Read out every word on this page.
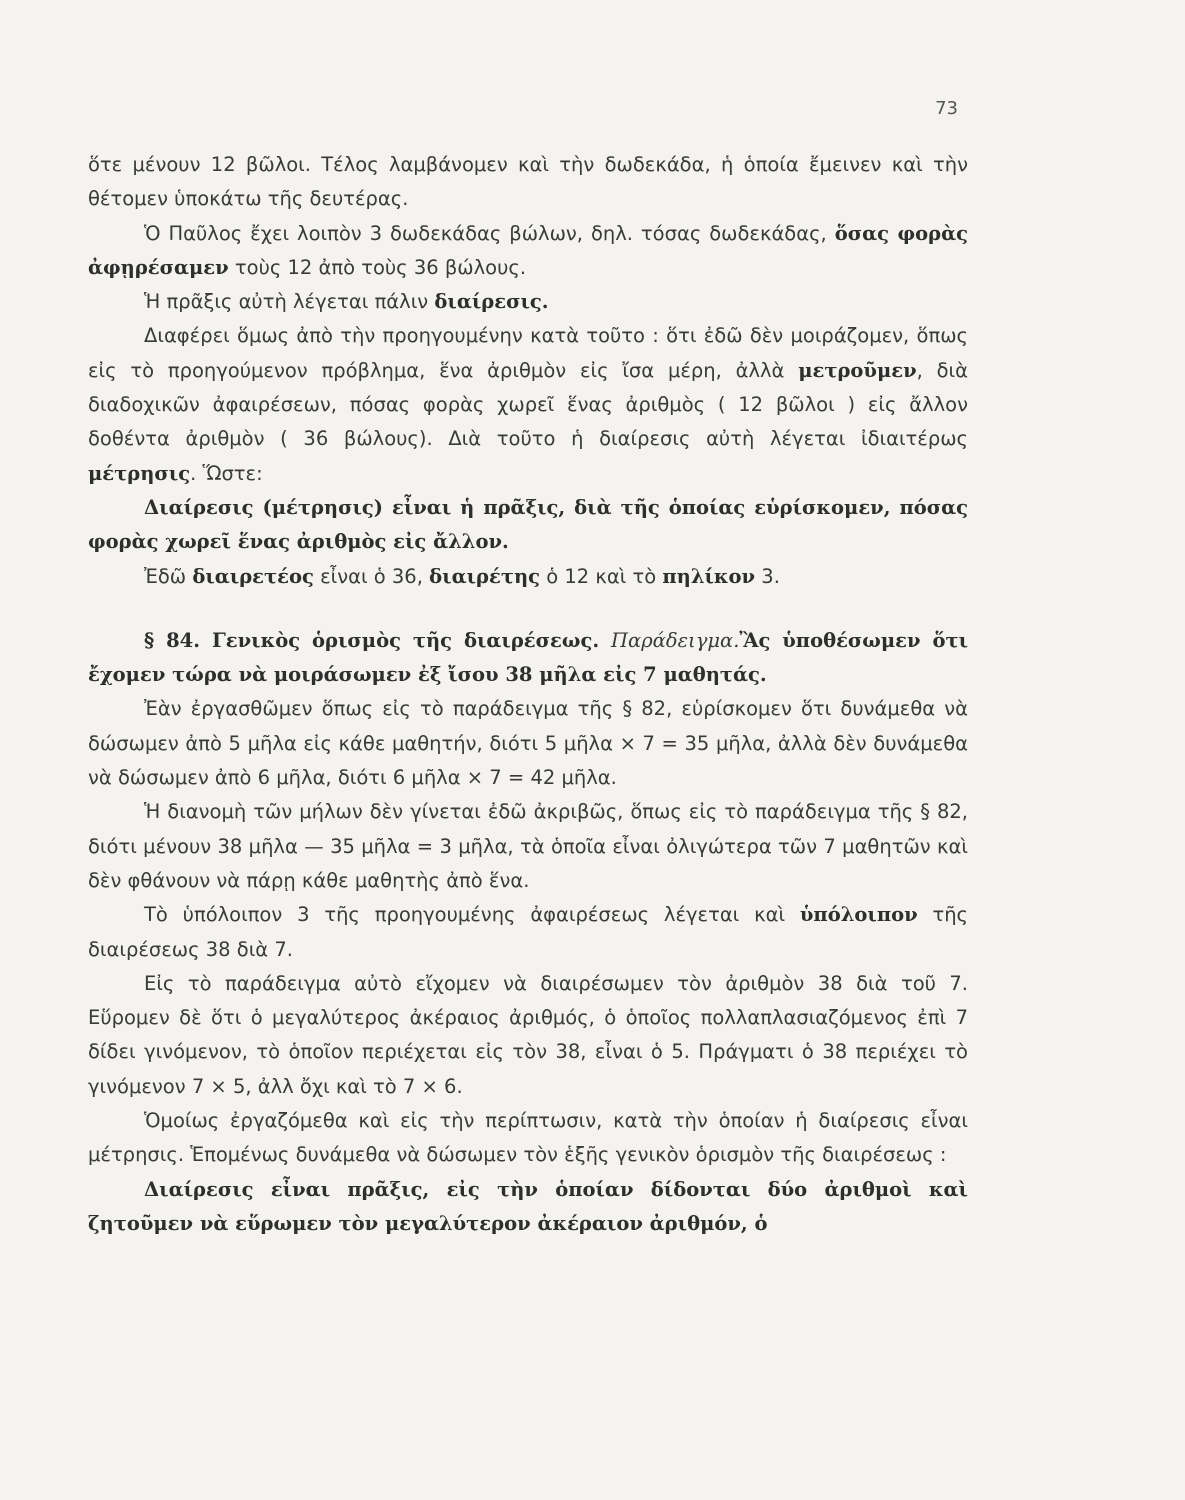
73

ὅτε μένουν 12 βῶλοι. Τέλος λαμβάνομεν καὶ τὴν δωδεκάδα, ἡ ὁποία ἔμεινεν καὶ τὴν θέτομεν ὑποκάτω τῆς δευτέρας.

Ὁ Παῦλος ἔχει λοιπὸν 3 δωδεκάδας βώλων, δηλ. τόσας δωδεκάδας, ὅσας φορὰς ἀφῃρέσαμεν τοὺς 12 ἀπὸ τοὺς 36 βώλους.

Ἡ πρᾶξις αὐτὴ λέγεται πάλιν διαίρεσις.

Διαφέρει ὅμως ἀπὸ τὴν προηγουμένην κατὰ τοῦτο : ὅτι ἐδῶ δὲν μοιράζομεν, ὅπως εἰς τὸ προηγούμενον πρόβλημα, ἕνα ἀριθμὸν εἰς ἴσα μέρη, ἀλλὰ μετροῦμεν, διὰ διαδοχικῶν ἀφαιρέσεων, πόσας φορὰς χωρεῖ ἕνας ἀριθμὸς ( 12 βῶλοι ) εἰς ἄλλον δοθέντα ἀριθμὸν ( 36 βώλους). Διὰ τοῦτο ἡ διαίρεσις αὐτὴ λέγεται ἰδιαιτέρως μέτρησις. Ὥστε:

Διαίρεσις (μέτρησις) εἶναι ἡ πρᾶξις, διὰ τῆς ὁποίας εὑρίσκομεν, πόσας φορὰς χωρεῖ ἕνας ἀριθμὸς εἰς ἄλλον.

Ἐδῶ διαιρετέος εἶναι ὁ 36, διαιρέτης ὁ 12 καὶ τὸ πηλίκον 3.

§ 84. Γενικὸς ὁρισμὸς τῆς διαιρέσεως. Παράδειγμα.Ἂς ὑποθέσωμεν ὅτι ἔχομεν τώρα νὰ μοιράσωμεν ἐξ ἴσου 38 μῆλα εἰς 7 μαθητάς.

Ἐὰν ἐργασθῶμεν ὅπως εἰς τὸ παράδειγμα τῆς § 82, εὑρίσκομεν ὅτι δυνάμεθα νὰ δώσωμεν ἀπὸ 5 μῆλα εἰς κάθε μαθητήν, διότι 5 μῆλα × 7 = 35 μῆλα, ἀλλὰ δὲν δυνάμεθα νὰ δώσωμεν ἀπὸ 6 μῆλα, διότι 6 μῆλα × 7 = 42 μῆλα.

Ἡ διανομὴ τῶν μήλων δὲν γίνεται ἐδῶ ἀκριβῶς, ὅπως εἰς τὸ παράδειγμα τῆς § 82, διότι μένουν 38 μῆλα — 35 μῆλα = 3 μῆλα, τὰ ὁποῖα εἶναι ὀλιγώτερα τῶν 7 μαθητῶν καὶ δὲν φθάνουν νὰ πάρῃ κάθε μαθητὴς ἀπὸ ἕνα.

Τὸ ὑπόλοιπον 3 τῆς προηγουμένης ἀφαιρέσεως λέγεται καὶ ὑπόλοιπον τῆς διαιρέσεως 38 διὰ 7.

Εἰς τὸ παράδειγμα αὐτὸ εἴχομεν νὰ διαιρέσωμεν τὸν ἀριθμὸν 38 διὰ τοῦ 7. Εὕρομεν δὲ ὅτι ὁ μεγαλύτερος ἀκέραιος ἀριθμός, ὁ ὁποῖος πολλαπλασιαζόμενος ἐπὶ 7 δίδει γινόμενον, τὸ ὁποῖον περιέχεται εἰς τὸν 38, εἶναι ὁ 5. Πράγματι ὁ 38 περιέχει τὸ γινόμενον 7 × 5, ἀλλ ὄχι καὶ τὸ 7 × 6.

Ὁμοίως ἐργαζόμεθα καὶ εἰς τὴν περίπτωσιν, κατὰ τὴν ὁποίαν ἡ διαίρεσις εἶναι μέτρησις. Ἑπομένως δυνάμεθα νὰ δώσωμεν τὸν ἑξῆς γενικὸν ὁρισμὸν τῆς διαιρέσεως :

Διαίρεσις εἶναι πρᾶξις, εἰς τὴν ὁποίαν δίδονται δύο ἀριθμοὶ καὶ ζητοῦμεν νὰ εὕρωμεν τὸν μεγαλύτερον ἀκέραιον ἀριθμόν, ὁ
